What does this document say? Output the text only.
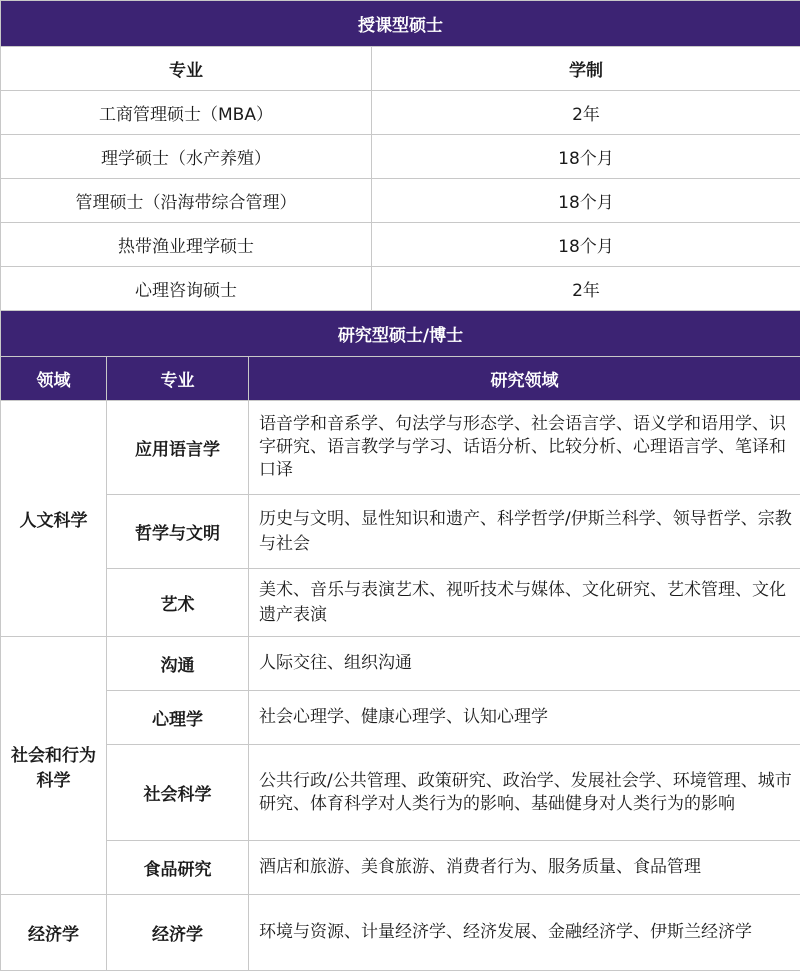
授课型硕士	
专业	学制
工商管理硕士（MBA）	2年
理学硕士（水产养殖）	18个月
管理硕士（沿海带综合管理）	18个月
热带渔业理学硕士	18个月
心理咨询硕士	2年
研究型硕士/博士		
领域	专业	研究领域
人文科学	应用语言学	语音学和音系学、句法学与形态学、社会语言学、语义学和语用学、识字研究、语言教学与学习、话语分析、比较分析、心理语言学、笔译和口译
	哲学与文明	历史与文明、显性知识和遗产、科学哲学/伊斯兰科学、领导哲学、宗教与社会
	艺术	美术、音乐与表演艺术、视听技术与媒体、文化研究、艺术管理、文化遗产表演
社会和行为科学	沟通	人际交往、组织沟通
	心理学	社会心理学、健康心理学、认知心理学
	社会科学	公共行政/公共管理、政策研究、政治学、发展社会学、环境管理、城市研究、体育科学对人类行为的影响、基础健身对人类行为的影响
	食品研究	酒店和旅游、美食旅游、消费者行为、服务质量、食品管理
经济学	经济学	环境与资源、计量经济学、经济发展、金融经济学、伊斯兰经济学
